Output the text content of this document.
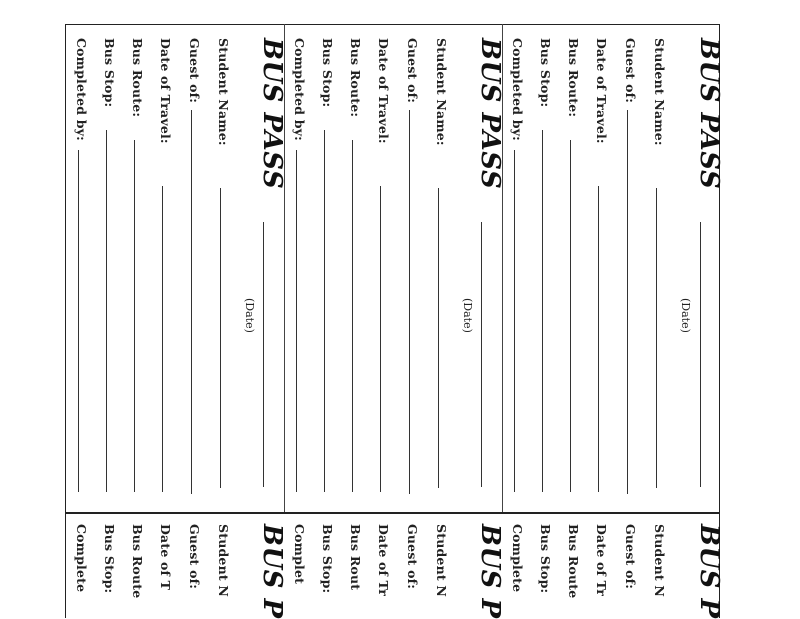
BUS PASS
(Date)
Student Name:
Guest of:
Date of Travel:
Bus Route:
Bus Stop:
Completed by:
BUS PASS
(Date)
Student Name:
Guest of:
Date of Travel:
Bus Route:
Bus Stop:
Completed by:
BUS PASS
(Date)
Student Name:
Guest of:
Date of Travel:
Bus Route:
Bus Stop:
Completed by:
BUS P
Student N
Guest of:
Date of Tr
Bus Route
Bus Stop:
Complete
BUS P
Student N
Guest of:
Date of Tr
Bus Rout
Bus Stop:
Complet
BUS P
Student N
Guest of:
Date of T
Bus Route
Bus Stop:
Complete
